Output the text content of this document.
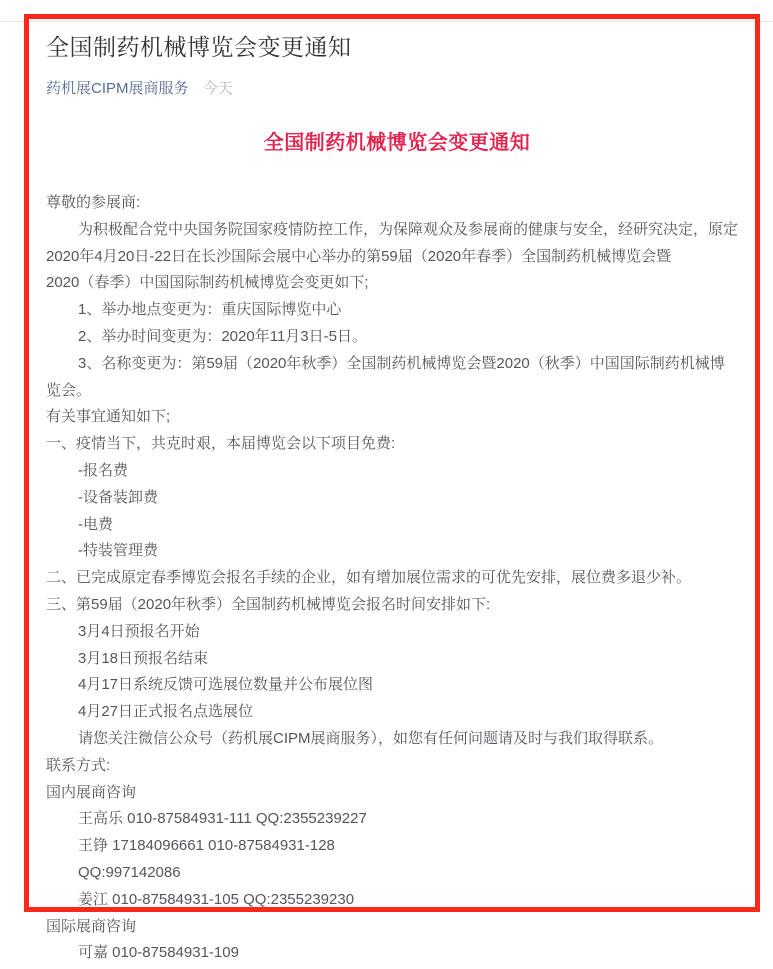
全国制药机械博览会变更通知
药机展CIPM展商服务 今天
全国制药机械博览会变更通知
尊敬的参展商:
为积极配合党中央国务院国家疫情防控工作，为保障观众及参展商的健康与安全，经研究决定，原定
2020年4月20日-22日在长沙国际会展中心举办的第59届（2020年春季）全国制药机械博览会暨
2020（春季）中国国际制药机械博览会变更如下;
1、举办地点变更为：重庆国际博览中心
2、举办时间变更为：2020年11月3日-5日。
3、名称变更为：第59届（2020年秋季）全国制药机械博览会暨2020（秋季）中国国际制药机械博
览会。
有关事宜通知如下;
一、疫情当下，共克时艰，本届博览会以下项目免费:
-报名费
-设备装卸费
-电费
-特装管理费
二、已完成原定春季博览会报名手续的企业，如有增加展位需求的可优先安排，展位费多退少补。
三、第59届（2020年秋季）全国制药机械博览会报名时间安排如下:
3月4日预报名开始
3月18日预报名结束
4月17日系统反馈可选展位数量并公布展位图
4月27日正式报名点选展位
请您关注微信公众号（药机展CIPM展商服务），如您有任何问题请及时与我们取得联系。
联系方式:
国内展商咨询
王高乐 010-87584931-111 QQ:2355239227
王铮 17184096661 010-87584931-128
QQ:997142086
姜江 010-87584931-105 QQ:2355239230
国际展商咨询
可嘉 010-87584931-109
